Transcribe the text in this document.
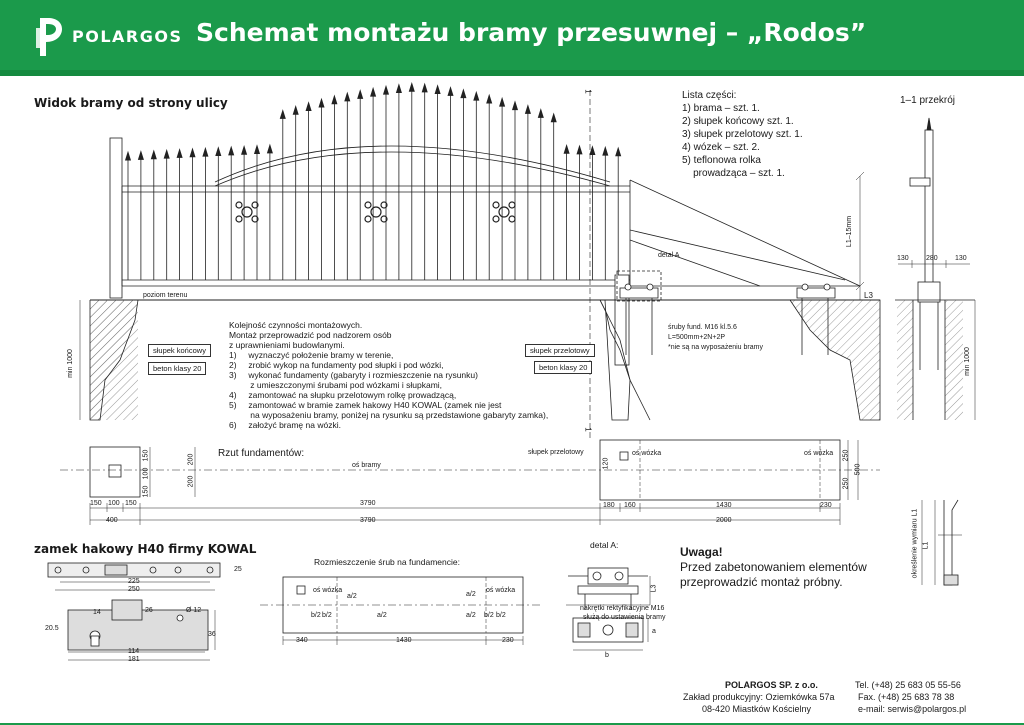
POLARGOS Schemat montażu bramy przesuwnej – „Rodos”
Widok bramy od strony ulicy
poziom terenu
słupek końcowy
beton klasy 20
słupek przelotowy
beton klasy 20
detal A
1
1
min 1000
L1–15mm
L3
śruby fund. M16 kl.5.6
L=500mm+2N+2P
*nie są na wyposażeniu bramy
Lista części:
1) brama – szt. 1.
2) słupek końcowy szt. 1.
3) słupek przelotowy szt. 1.
4) wózek – szt. 2.
5) teflonowa rolka
prowadząca – szt. 1.
1–1 przekrój
130 280 130
min 1000
L1
określenie wymiaru L1
Kolejność czynności montażowych.
Montaż przeprowadzić pod nadzorem osób
z uprawnieniami budowlanymi.
1)     wyznaczyć położenie bramy w terenie,
2)     zrobić wykop na fundamenty pod słupki i pod wózki,
3)     wykonać fundamenty (gabaryty i rozmieszczenie na rysunku)
z umieszczonymi śrubami pod wózkami i słupkami,
4)     zamontować na słupku przelotowym rolkę prowadzącą,
5)     zamontować w bramie zamek hakowy H40 KOWAL (zamek nie jest
na wyposażeniu bramy, poniżej na rysunku są przedstawione gabaryty zamka),
6)     założyć bramę na wózki.
Rzut fundamentów:
oś bramy
słupek przelotowy	oś wózka	oś wózka
150
100
150	200
200
150 100 150
400
3790
3790
180 160	1430	230
2000
120
250
250
500
zamek hakowy H40 firmy KOWAL
25
225
250
14	26	Ø 12
20.5
36
114
181
Rozmieszczenie śrub na fundamencie:
oś wózka	oś wózka
a/2	a/2
a/2	a/2
b/2 b/2	b/2 b/2
340	1430	230
detal A:
L3
nakrętki rektyfikacyjne M16
służą do ustawienia bramy
a
b
Uwaga!
Przed zabetonowaniem elementów
przeprowadzić montaż próbny.
POLARGOS SP. z o.o.
Zakład produkcyjny: Oziemkówka 57a
08-420 Miastków Kościelny
Tel. (+48) 25 683 05 55-56
Fax. (+48) 25 683 78 38
e-mail: serwis@polargos.pl
